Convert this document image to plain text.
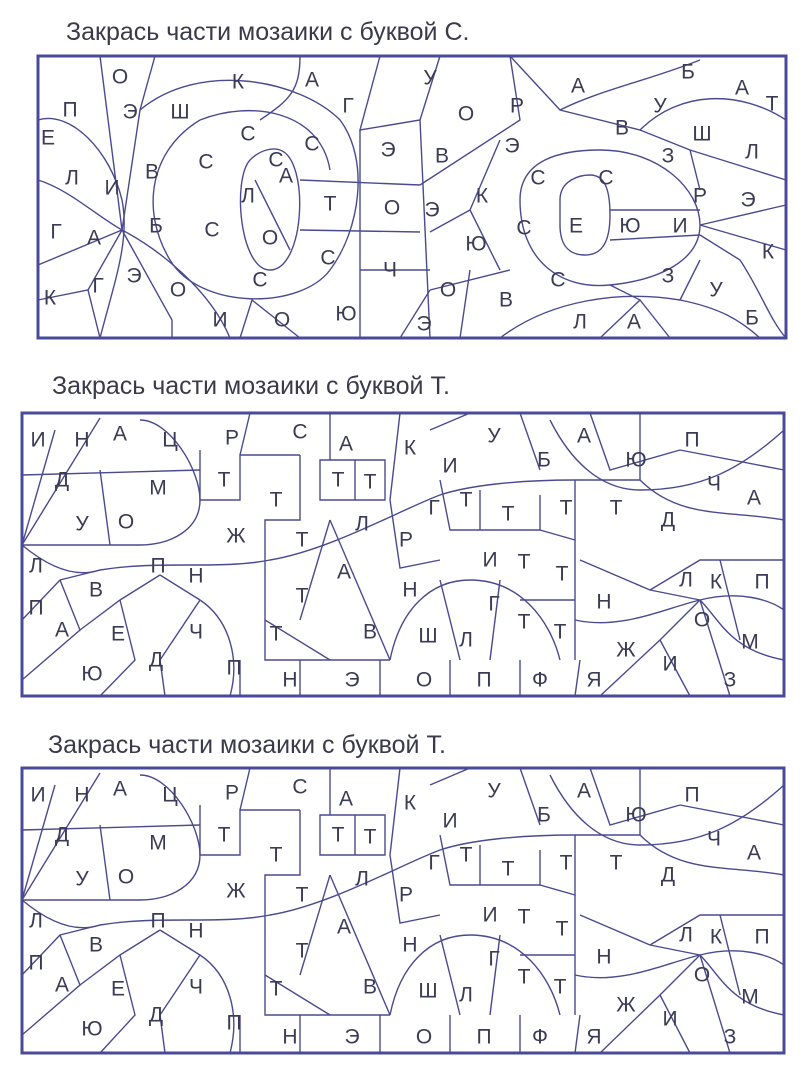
Закрась части мозаики с буквой С.
Закрась части мозаики с буквой Т.
Закрась части мозаики с буквой Т.
О	К	А	У	Б
А
Т
П Э Ш	Г	О Р
А
Е	С	В
У
Ш
С
С	Э В	Э	З	Л
Л	В С
А	С	С
И	Л	Т О Э
К	Р Э
Г А
Б С О	Ю
С Е Ю И
К
Г Э	С
С
Ч	С	З
К	О	В	У
О
И О Ю	Э	Л А	Б
И Н А Ц Р	С
А К
У	А	П
Д	М Т	Т Т
И	Б	Ю
Ч
У О
Ж
Т	Г Т
Т Т Т
Д
А
Т
Л
Р
Л	П Н	А
И Т
Т
В	Т	Н	Л К П
П	Г	Н
А Е	Ч	Т	В Ш
Т Т
О
Д
Л	М
Ю	П
Ж
Н Э	О П Ф Я
И
З
И Н А Ц Р	С
А К
У	А	П
Д	М Т	Т Т
И	Б	Ю
Ч
У О
Ж
Т	Г Т
Т Т Т
Д
А
Т
Л
Р
Л	П Н	А
И Т
Т
В	Т	Н	Л К П
П	Г	Н
А Е	Ч	Т	В Ш
Т Т
О
Д
Л	М
Ю	П
Ж
Н Э	О П Ф Я
И
З
